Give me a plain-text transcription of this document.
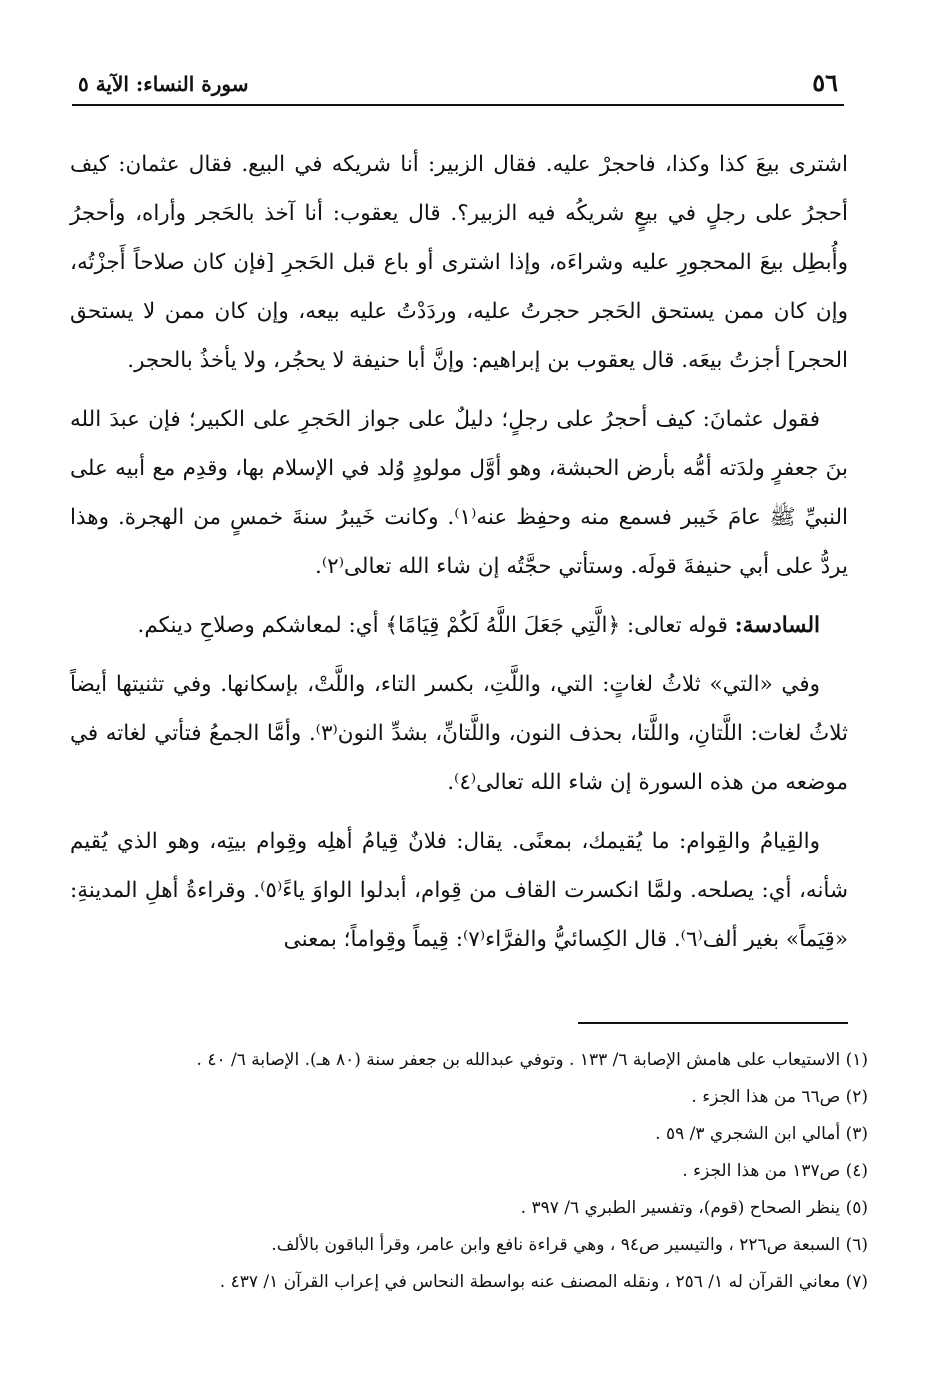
٥٦
سورة النساء: الآية ٥

اشترى بيعَ كذا وكذا، فاحجرْ عليه. فقال الزبير: أنا شريكه في البيع. فقال عثمان: كيف أحجرُ على رجلٍ في بيعٍ شريكُه فيه الزبير؟. قال يعقوب: أنا آخذ بالحَجر وأراه، وأحجرُ وأُبطِل بيعَ المحجورِ عليه وشراءَه، وإذا اشترى أو باع قبل الحَجرِ [فإن كان صلاحاً أَجزْتُه، وإن كان ممن يستحق الحَجر حجرتُ عليه، وردَدْتُ عليه بيعه، وإن كان ممن لا يستحق الحجر] أجزتُ بيعَه. قال يعقوب بن إبراهيم: وإنَّ أبا حنيفة لا يحجُر، ولا يأخذُ بالحجر.

فقول عثمانَ: كيف أحجرُ على رجلٍ؛ دليلٌ على جواز الحَجرِ على الكبير؛ فإن عبدَ الله بنَ جعفرٍ ولدَته أمُّه بأرض الحبشة، وهو أوَّل مولودٍ وُلد في الإسلام بها، وقدِم مع أبيه على النبيِّ ﷺ عامَ خَيبر فسمع منه وحفِظ عنه⁽١⁾. وكانت خَيبرُ سنةَ خمسٍ من الهجرة. وهذا يردُّ على أبي حنيفةَ قولَه. وستأتي حجَّتُه إن شاء الله تعالى⁽٢⁾.

السادسة: قوله تعالى: ﴿الَّتِي جَعَلَ اللَّهُ لَكُمْ قِيَامًا﴾ أي: لمعاشكم وصلاحِ دينكم.

وفي «التي» ثلاثُ لغاتٍ: التي، واللَّتِ، بكسر التاء، واللَّتْ، بإسكانها. وفي تثنيتها أيضاً ثلاثُ لغات: اللَّتانِ، واللَّتا، بحذف النون، واللَّتانِّ، بشدِّ النون⁽٣⁾. وأمَّا الجمعُ فتأتي لغاته في موضعه من هذه السورة إن شاء الله تعالى⁽٤⁾.

والقِيامُ والقِوام: ما يُقيمك، بمعنًى. يقال: فلانٌ قِيامُ أهلِه وقِوام بيتِه، وهو الذي يُقيم شأنه، أي: يصلحه. ولمَّا انكسرت القاف من قِوام، أبدلوا الواوَ ياءً⁽٥⁾. وقراءةُ أهلِ المدينةِ: «قِيَماً» بغير ألف⁽٦⁾. قال الكِسائيُّ والفرَّاء⁽٧⁾: قِيماً وقِواماً؛ بمعنى

(١) الاستيعاب على هامش الإصابة ٦/ ١٣٣ . وتوفي عبدالله بن جعفر سنة (٨٠ هـ). الإصابة ٦/ ٤٠ .
(٢) ص٦٦ من هذا الجزء .
(٣) أمالي ابن الشجري ٣/ ٥٩ .
(٤) ص١٣٧ من هذا الجزء .
(٥) ينظر الصحاح (قوم)، وتفسير الطبري ٦/ ٣٩٧ .
(٦) السبعة ص٢٢٦ ، والتيسير ص٩٤ ، وهي قراءة نافع وابن عامر، وقرأ الباقون بالألف.
(٧) معاني القرآن له ١/ ٢٥٦ ، ونقله المصنف عنه بواسطة النحاس في إعراب القرآن ١/ ٤٣٧ .
